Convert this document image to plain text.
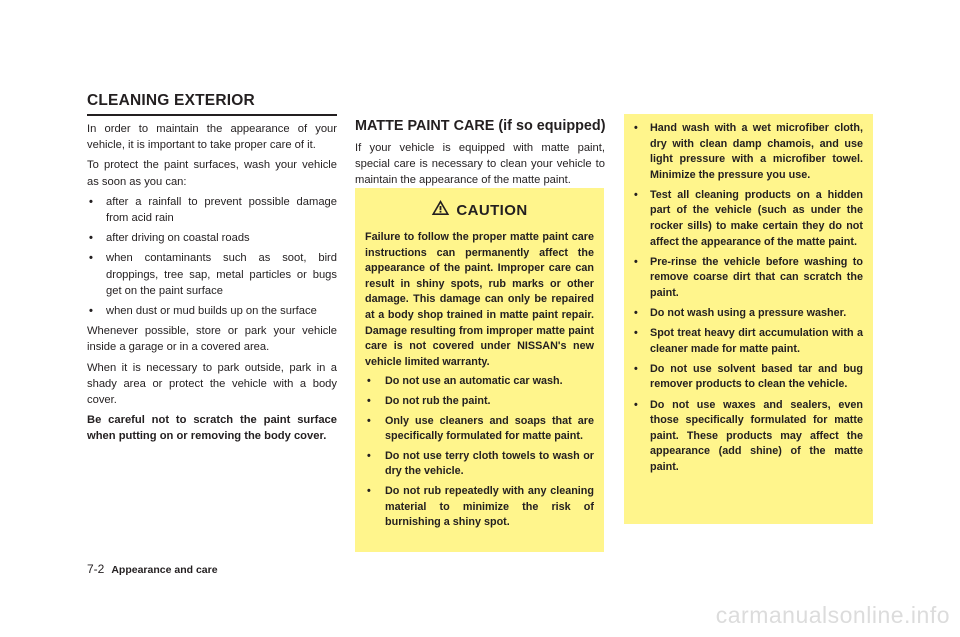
CLEANING EXTERIOR

In order to maintain the appearance of your vehicle, it is important to take proper care of it.

To protect the paint surfaces, wash your vehicle as soon as you can:

• after a rainfall to prevent possible damage from acid rain
• after driving on coastal roads
• when contaminants such as soot, bird droppings, tree sap, metal particles or bugs get on the paint surface
• when dust or mud builds up on the surface

Whenever possible, store or park your vehicle inside a garage or in a covered area.

When it is necessary to park outside, park in a shady area or protect the vehicle with a body cover.

Be careful not to scratch the paint surface when putting on or removing the body cover.

MATTE PAINT CARE (if so equipped)

If your vehicle is equipped with matte paint, special care is necessary to clean your vehicle to maintain the appearance of the matte paint.

CAUTION

Failure to follow the proper matte paint care instructions can permanently affect the appearance of the paint. Improper care can result in shiny spots, rub marks or other damage. This damage can only be repaired at a body shop trained in matte paint repair. Damage resulting from improper matte paint care is not covered under NISSAN's new vehicle limited warranty.

• Do not use an automatic car wash.
• Do not rub the paint.
• Only use cleaners and soaps that are specifically formulated for matte paint.
• Do not use terry cloth towels to wash or dry the vehicle.
• Do not rub repeatedly with any cleaning material to minimize the risk of burnishing a shiny spot.
• Hand wash with a wet microfiber cloth, dry with clean damp chamois, and use light pressure with a microfiber towel. Minimize the pressure you use.
• Test all cleaning products on a hidden part of the vehicle (such as under the rocker sills) to make certain they do not affect the appearance of the matte paint.
• Pre-rinse the vehicle before washing to remove coarse dirt that can scratch the paint.
• Do not wash using a pressure washer.
• Spot treat heavy dirt accumulation with a cleaner made for matte paint.
• Do not use solvent based tar and bug remover products to clean the vehicle.
• Do not use waxes and sealers, even those specifically formulated for matte paint. These products may affect the appearance (add shine) of the matte paint.
7-2 Appearance and care
carmanualsonline.info
